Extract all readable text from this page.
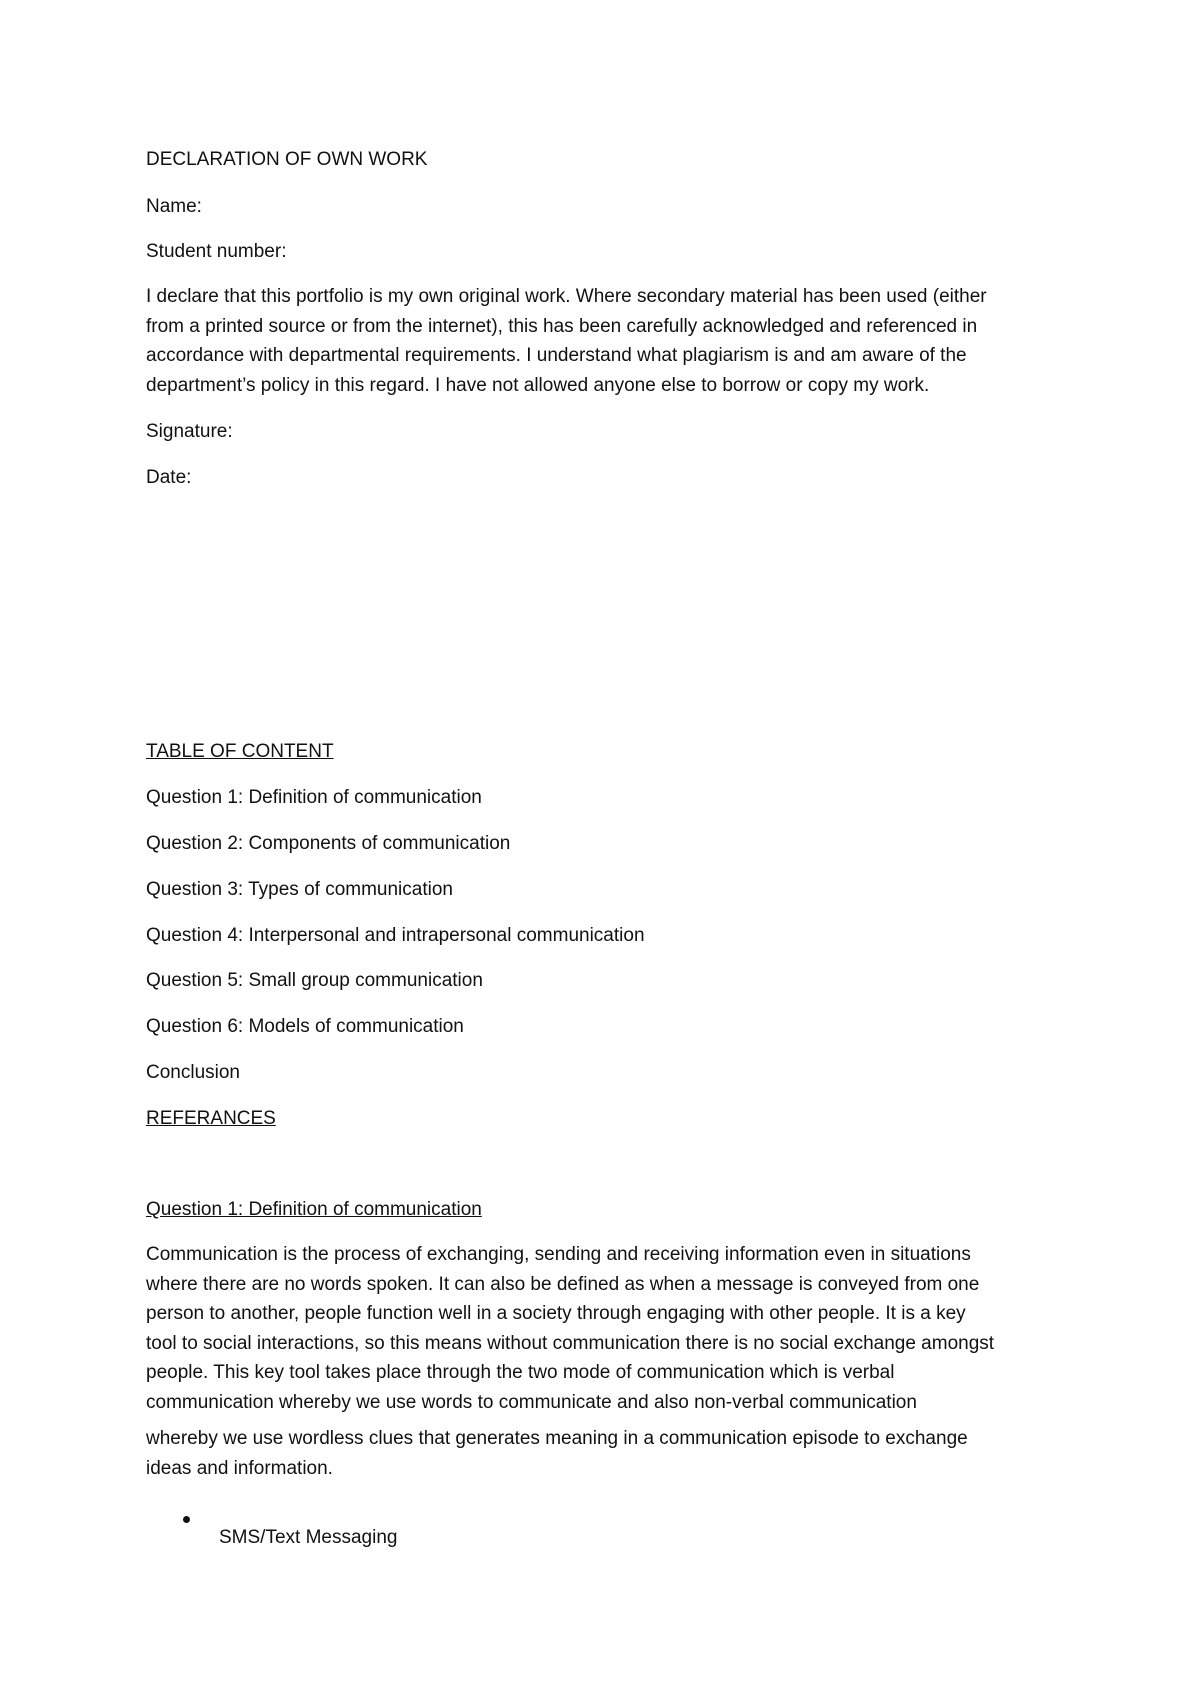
DECLARATION OF OWN WORK

Name:

Student number:

I declare that this portfolio is my own original work. Where secondary material has been used (either
from a printed source or from the internet), this has been carefully acknowledged and referenced in
accordance with departmental requirements. I understand what plagiarism is and am aware of the
department’s policy in this regard. I have not allowed anyone else to borrow or copy my work.

Signature:

Date:

TABLE OF CONTENT

Question 1: Definition of communication

Question 2: Components of communication

Question 3: Types of communication

Question 4: Interpersonal and intrapersonal communication

Question 5: Small group communication

Question 6: Models of communication

Conclusion

REFERANCES

Question 1: Definition of communication

Communication is the process of exchanging, sending and receiving information even in situations
where there are no words spoken. It can also be defined as when a message is conveyed from one
person to another, people function well in a society through engaging with other people. It is a key
tool to social interactions, so this means without communication there is no social exchange amongst
people. This key tool takes place through the two mode of communication which is verbal
communication whereby we use words to communicate and also non-verbal communication
whereby we use wordless clues that generates meaning in a communication episode to exchange
ideas and information.

SMS/Text Messaging
